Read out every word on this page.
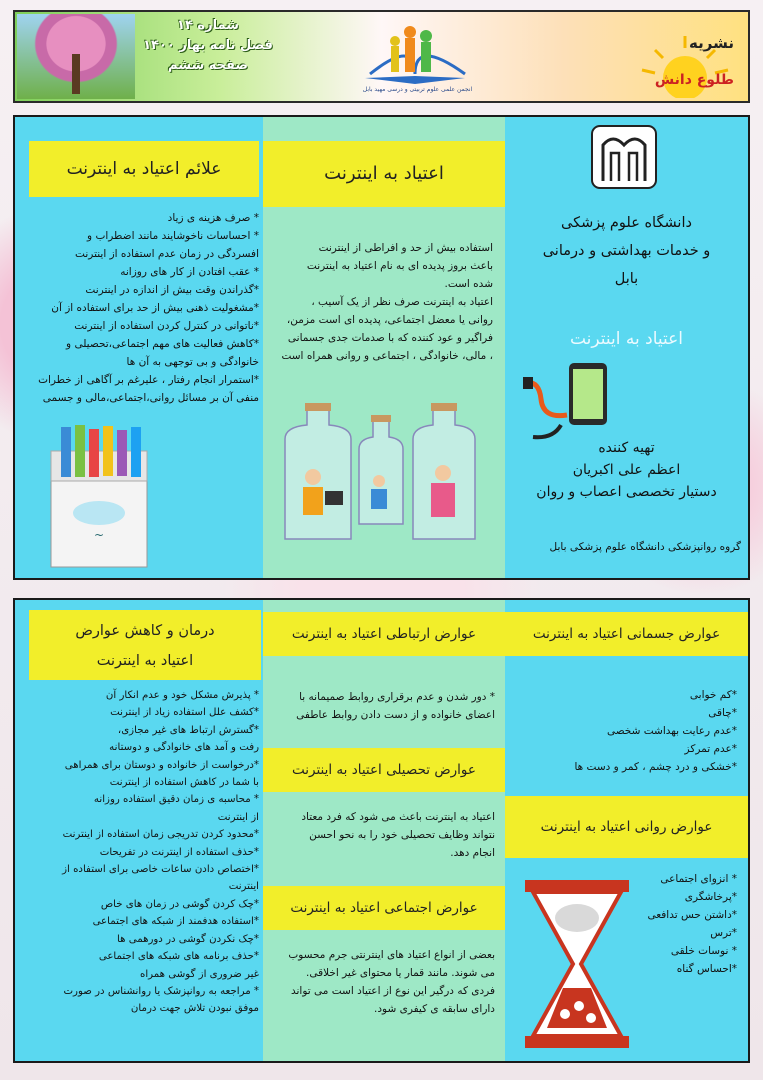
شماره ۱۴
فصل نامه بهار ۱۴۰۰
صفحه ششم
انجمن علمی علوم تربیتی و درسی مهید بابل
نشریه
طلوع دانش
علائم اعتیاد به اینترنت
* صرف هزینه ی زیاد
* احساسات ناخوشایند مانند اضطراب و
افسردگی در زمان عدم استفاده از اینترنت
* عقب افتادن از کار های روزانه
*گذراندن وقت بیش از اندازه در اینترنت
*مشغولیت ذهنی بیش از حد برای استفاده از آن
*ناتوانی در کنترل کردن استفاده از اینترنت
*کاهش فعالیت های مهم اجتماعی،تحصیلی و
خانوادگی و بی توجهی به آن ها
*استمرار انجام رفتار ، علیرغم بر آگاهی از خطرات
منفی آن بر مسائل روانی،اجتماعی،مالی و جسمی
~
اعتیاد به اینترنت
استفاده بیش از حد و افراطی از اینترنت
باعث بروز پدیده ای به نام اعتیاد به اینترنت
شده است.
اعتیاد به اینترنت صرف نظر از یک آسیب ،
روانی یا معضل اجتماعی، پدیده ای است مزمن،
فراگیر و عود کننده که با صدمات جدی جسمانی
، مالی، خانوادگی ، اجتماعی و روانی همراه است
دانشگاه علوم پزشکی
و خدمات بهداشتی و درمانی
بابل
اعتیاد به اینترنت
تهیه کننده
اعظم علی اکبریان
دستیار تخصصی اعصاب و روان
گروه روانپزشکی دانشگاه علوم پزشکی بابل
درمان و کاهش عوارض
اعتیاد به اینترنت
* پذیرش مشکل خود و عدم انکار آن
*کشف علل استفاده زیاد از اینترنت
*گسترش ارتباط های غیر مجازی،
رفت و آمد های خانوادگی و دوستانه
*درخواست از خانواده و دوستان برای همراهی
با شما در کاهش استفاده از اینترنت
* محاسبه ی زمان دقیق استفاده روزانه
از اینترنت
*محدود کردن تدریجی زمان استفاده از اینترنت
*حذف استفاده از اینترنت در تفریحات
*اختصاص دادن ساعات خاصی برای استفاده از
اینترنت
*چک کردن گوشی در زمان های خاص
*استفاده هدفمند از شبکه های اجتماعی
*چک نکردن گوشی در دورهمی ها
*حذف برنامه های شبکه های اجتماعی
غیر ضروری از گوشی همراه
* مراجعه به روانپزشک یا روانشناس در صورت
موفق نبودن تلاش جهت درمان
عوارض ارتباطی اعتیاد به اینترنت
* دور شدن و عدم برقراری روابط صمیمانه با
اعضای خانواده و از دست دادن روابط عاطفی
عوارض تحصیلی اعتیاد به اینترنت
اعتیاد به اینترنت باعث می شود که فرد معتاد
نتواند وظایف تحصیلی خود را به نحو احسن
انجام دهد.
عوارض اجتماعی اعتیاد به اینترنت
بعضی از انواع اعتیاد های اینترنتی جرم محسوب
می شوند. مانند قمار یا محتوای غیر اخلاقی.
فردی که درگیر این نوع از اعتیاد است می تواند
دارای سابقه ی کیفری شود.
عوارض جسمانی اعتیاد به اینترنت
*کم خوابی
*چاقی
*عدم رعایت بهداشت شخصی
*عدم تمرکز
*خشکی و درد چشم ، کمر و دست ها
عوارض روانی اعتیاد به اینترنت
* انزوای اجتماعی
*پرخاشگری
*داشتن حس تدافعی
*ترس
* نوسات خلقی
*احساس گناه
